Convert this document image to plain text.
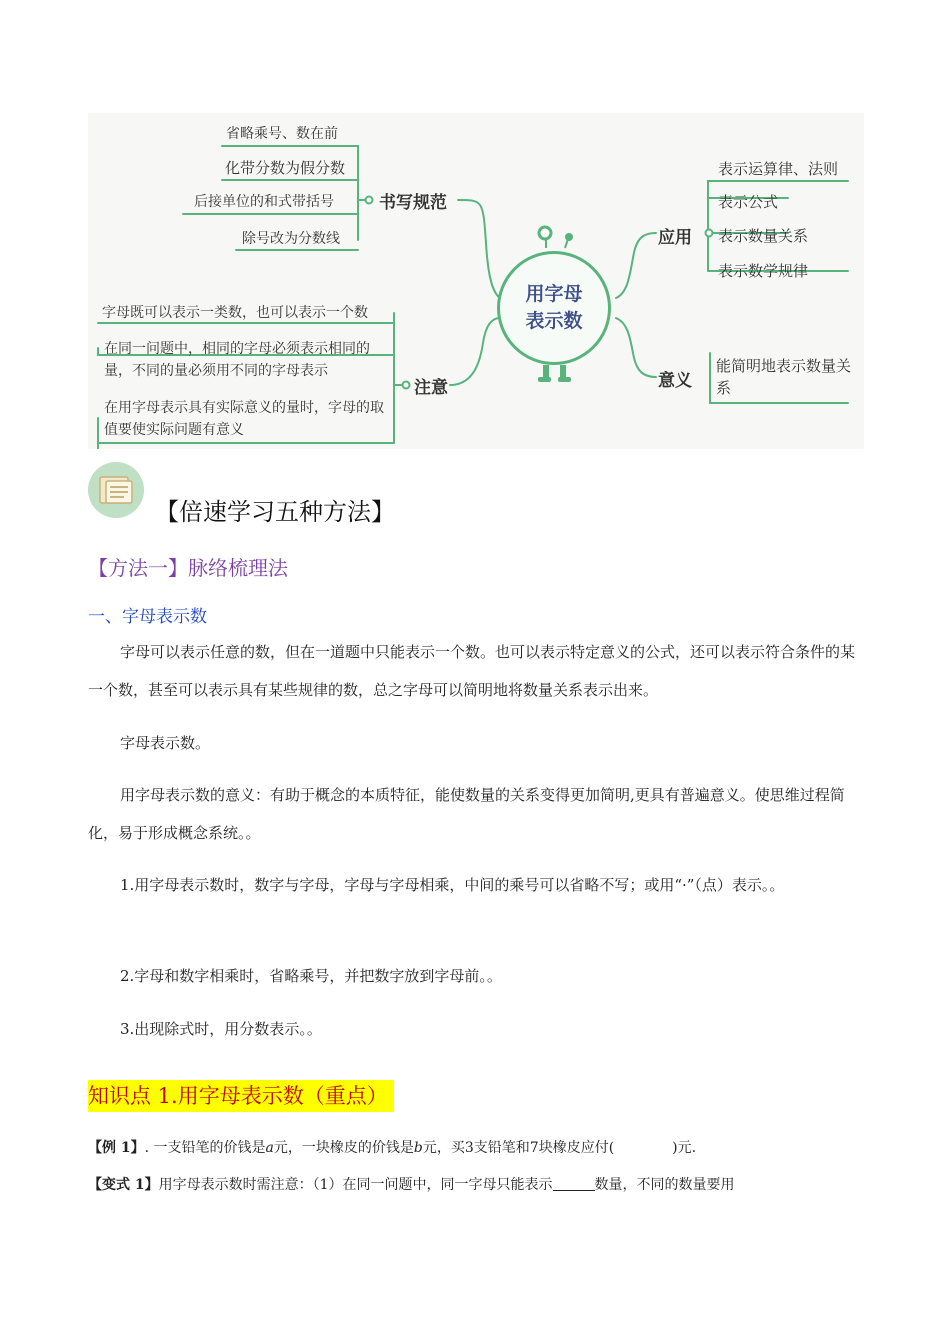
用字母表示数
省略乘号、数在前
化带分数为假分数
后接单位的和式带括号
除号改为分数线
书写规范
字母既可以表示一类数，也可以表示一个数
在同一问题中，相同的字母必须表示相同的量，不同的量必须用不同的字母表示
在用字母表示具有实际意义的量时，字母的取值要使实际问题有意义
注意
应用
表示运算律、法则
表示公式
表示数量关系
表示数学规律
意义
能简明地表示数量关系
【倍速学习五种方法】
【方法一】脉络梳理法
一、字母表示数
字母可以表示任意的数，但在一道题中只能表示一个数。也可以表示特定意义的公式，还可以表示符合条件的某一个数，甚至可以表示具有某些规律的数，总之字母可以简明地将数量关系表示出来。
字母表示数。
用字母表示数的意义：有助于概念的本质特征，能使数量的关系变得更加简明,更具有普遍意义。使思维过程简化，易于形成概念系统。。
1.用字母表示数时，数字与字母，字母与字母相乘，中间的乘号可以省略不写；或用“·”（点）表示。。
2.字母和数字相乘时，省略乘号，并把数字放到字母前。。
3.出现除式时，用分数表示。。
知识点 1.用字母表示数（重点）
【例 1】. 一支铅笔的价钱是a元，一块橡皮的价钱是b元，买3支铅笔和7块橡皮应付(	)元.
【变式 1】用字母表示数时需注意：（1）在同一问题中，同一字母只能表示	数量，不同的数量要用
